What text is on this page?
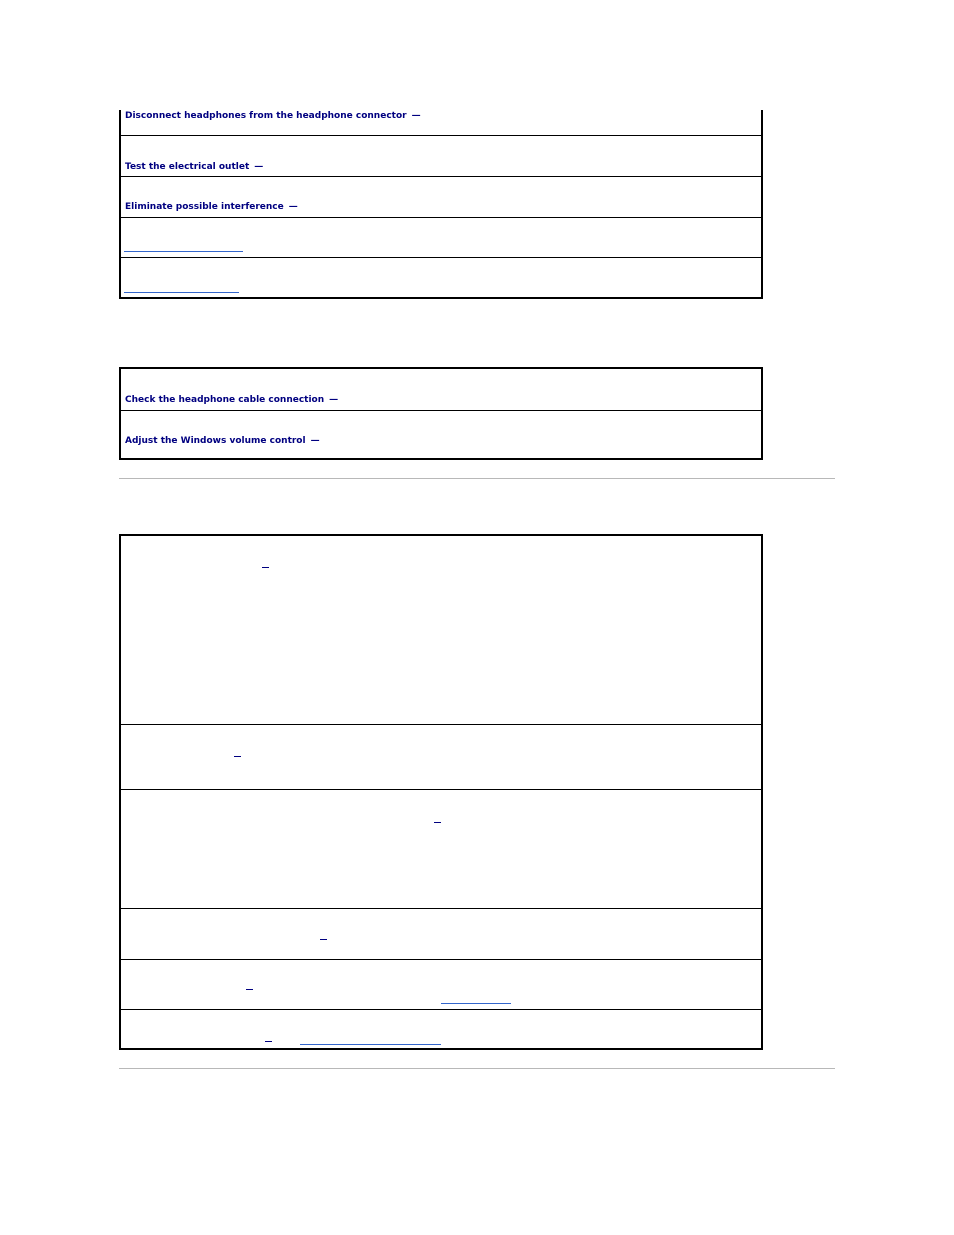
Disconnect headphones from the headphone connector —
Test the electrical outlet —
Eliminate possible interference —
Check the headphone cable connection —
Adjust the Windows volume control —
